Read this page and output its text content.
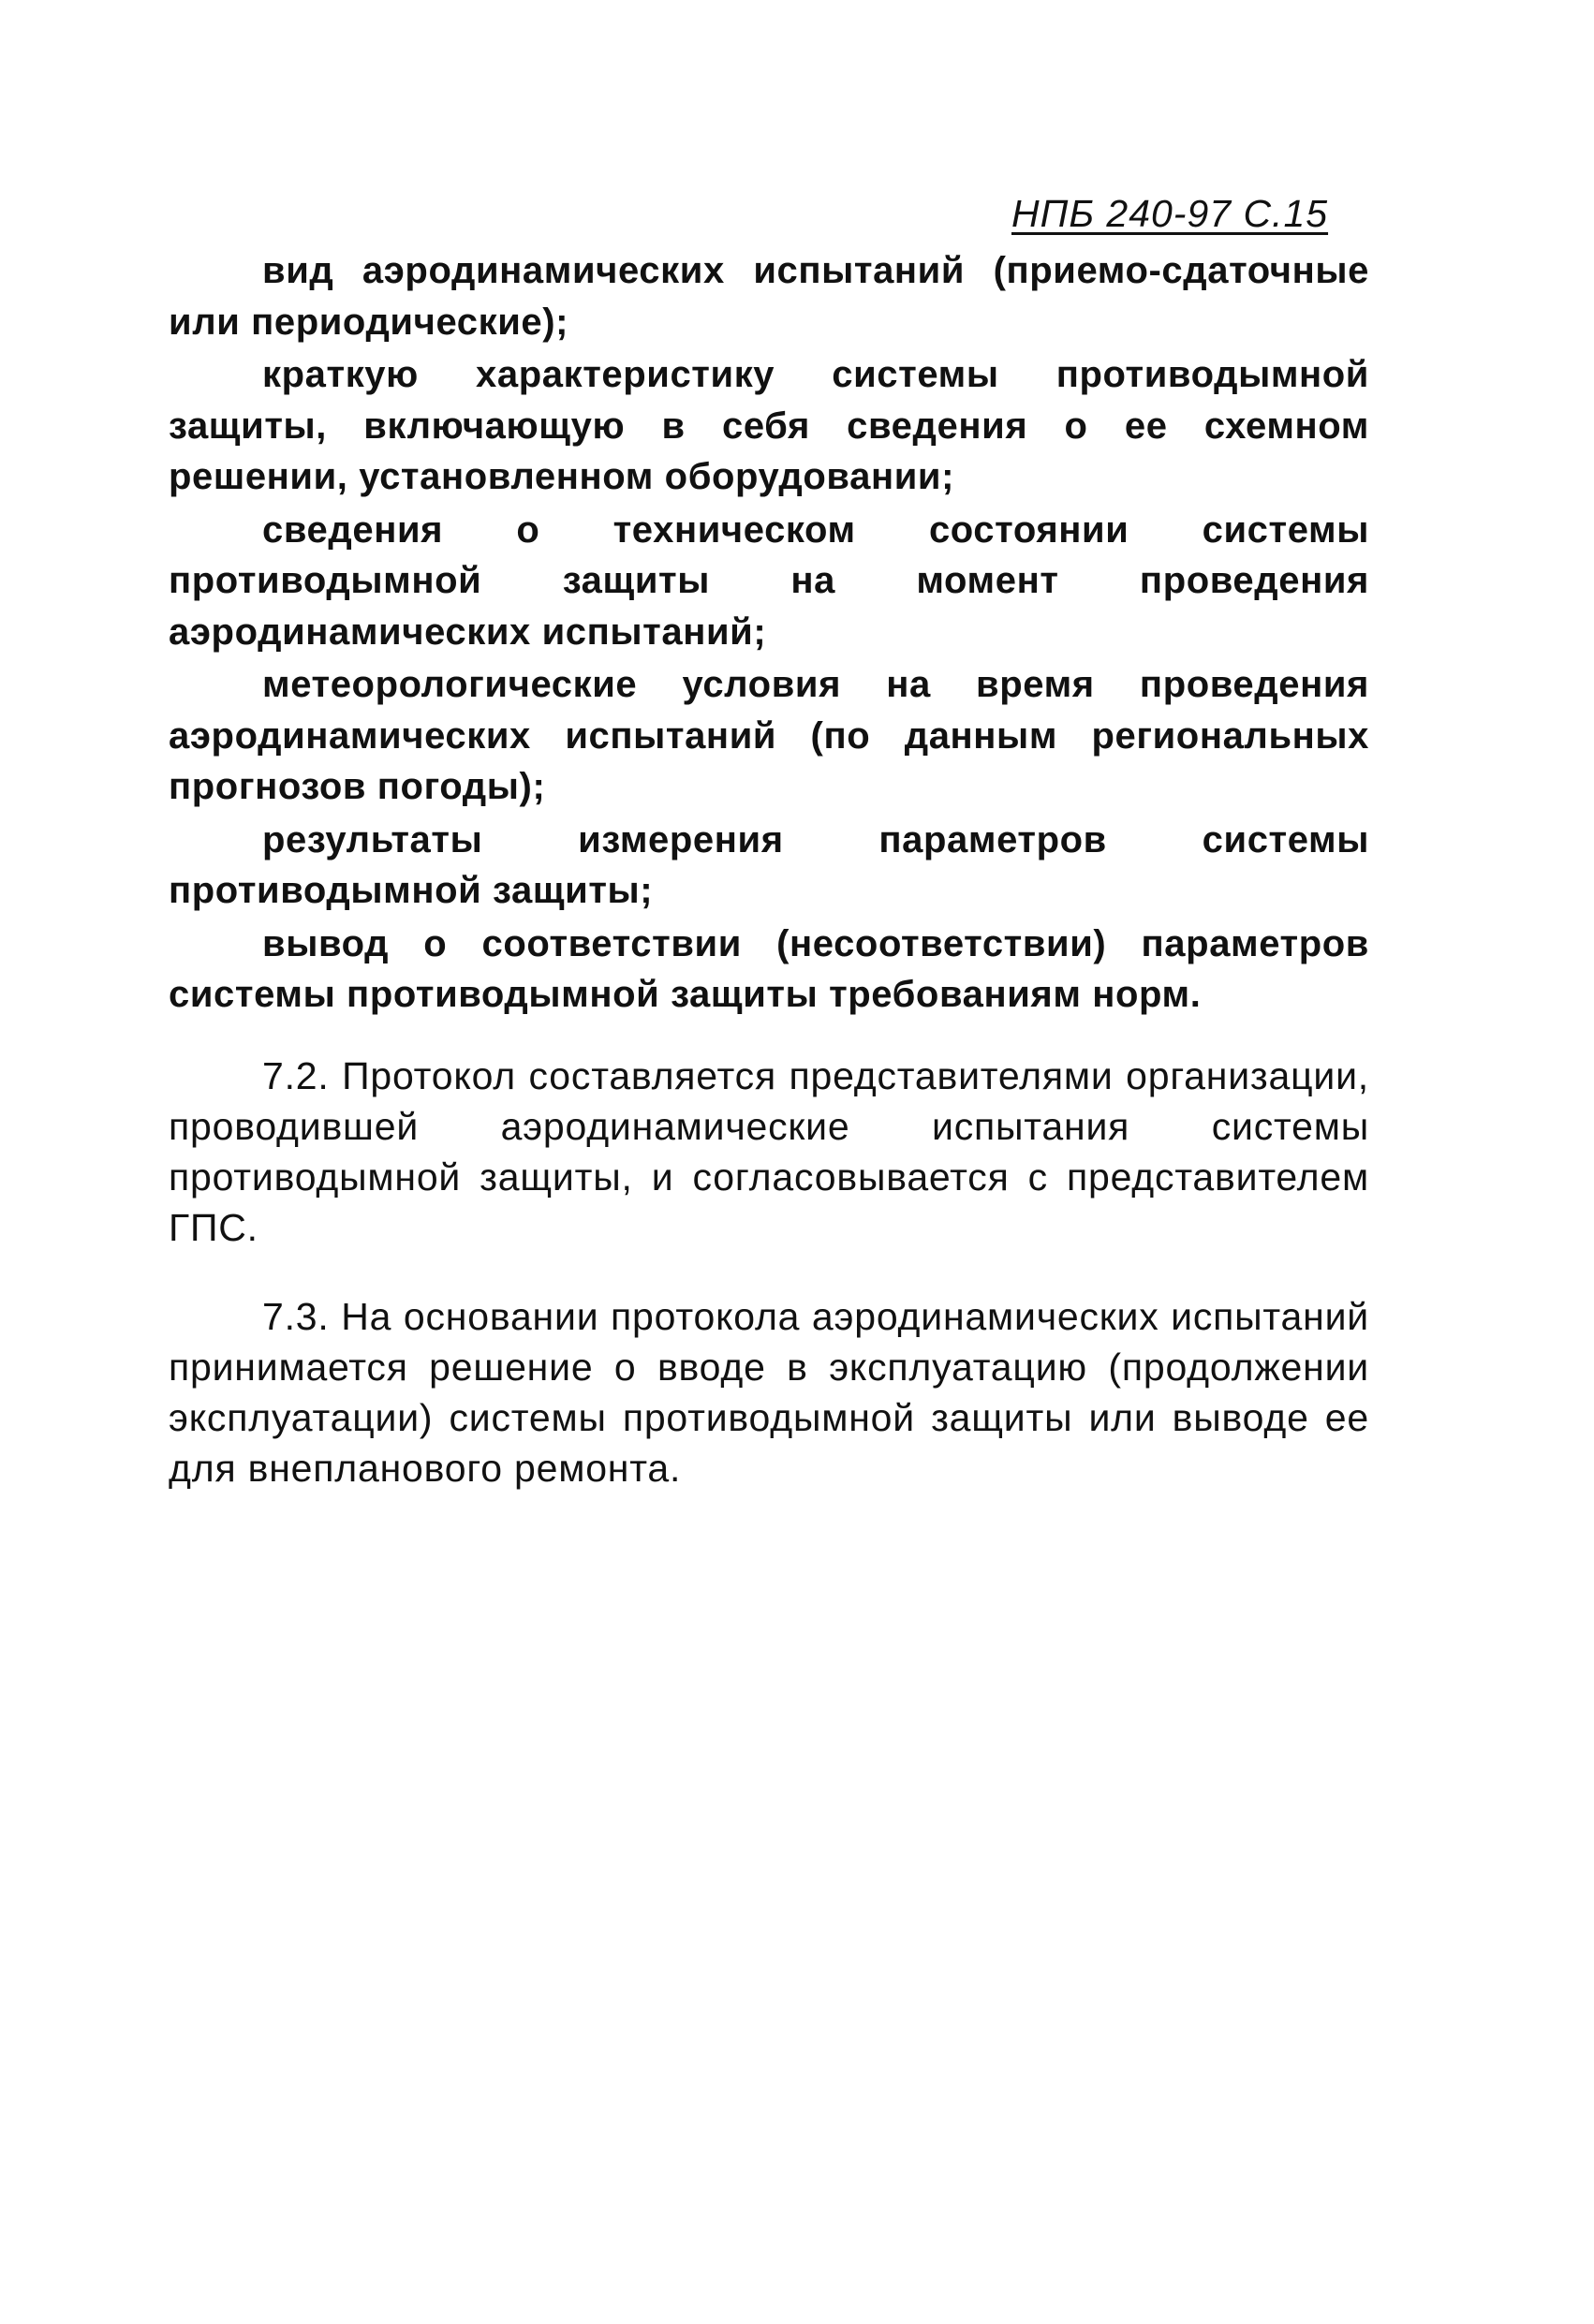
НПБ 240-97 С.15

вид аэродинамических испытаний (приемо-сдаточные или периодические);

краткую характеристику системы противодымной защиты, включающую в себя сведения о ее схемном решении, установленном оборудовании;

сведения о техническом состоянии системы противодымной защиты на момент проведения аэродинамических испытаний;

метеорологические условия на время проведения аэродинамических испытаний (по данным региональных прогнозов погоды);

результаты измерения параметров системы противодымной защиты;

вывод о соответствии (несоответствии) параметров системы противодымной защиты требованиям норм.

7.2. Протокол составляется представителями организации, проводившей аэродинамические испытания системы противодымной защиты, и согласовывается с представителем ГПС.

7.3. На основании протокола аэродинамических испытаний принимается решение о вводе в эксплуатацию (продолжении эксплуатации) системы противодымной защиты или выводе ее для внепланового ремонта.
